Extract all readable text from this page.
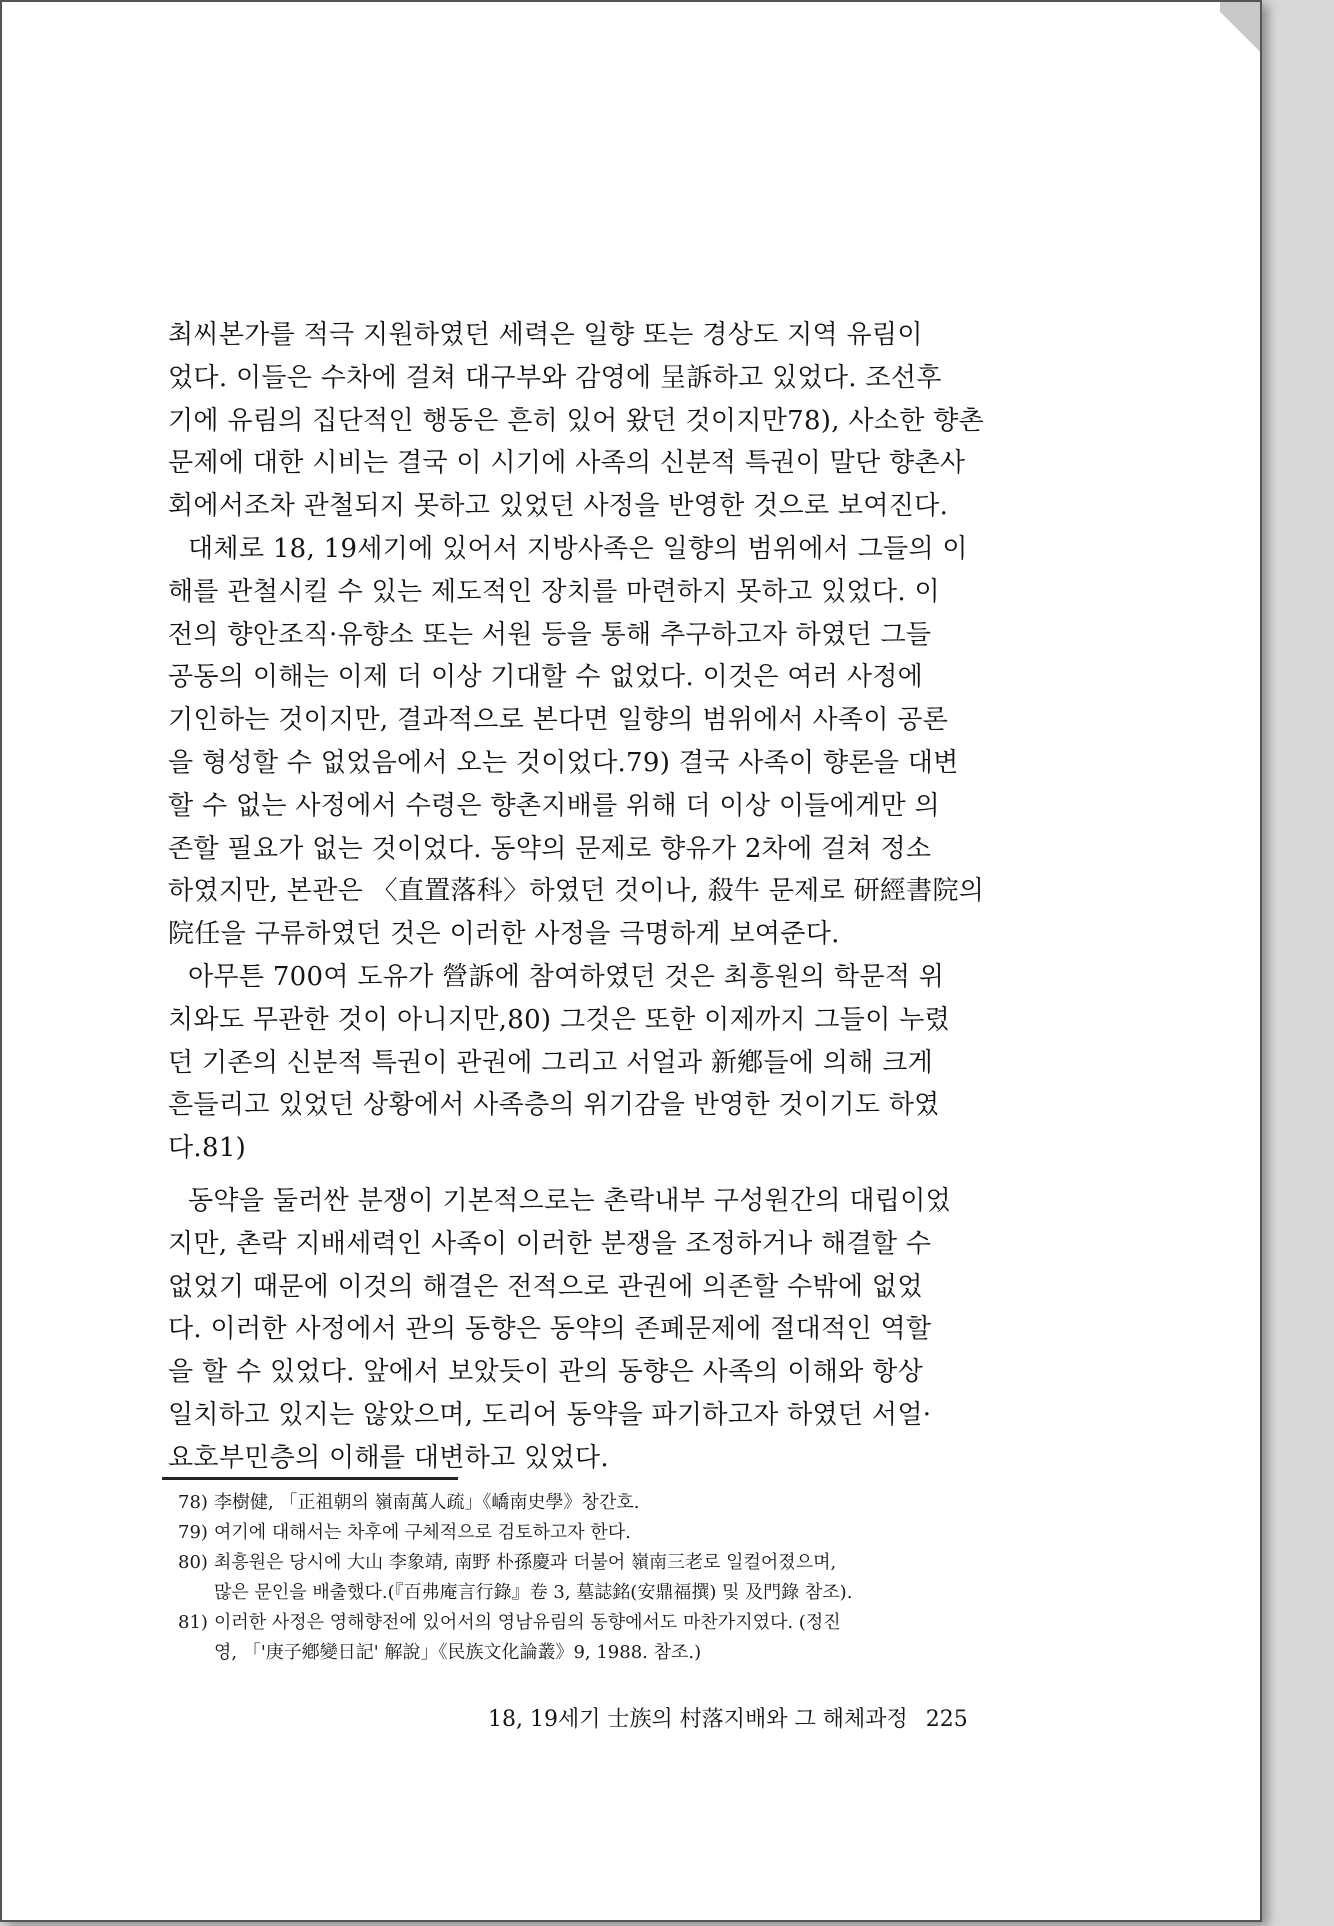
최씨본가를 적극 지원하였던 세력은 일향 또는 경상도 지역 유림이
었다. 이들은 수차에 걸쳐 대구부와 감영에 呈訴하고 있었다. 조선후
기에 유림의 집단적인 행동은 흔히 있어 왔던 것이지만78), 사소한 향촌
문제에 대한 시비는 결국 이 시기에 사족의 신분적 특권이 말단 향촌사
회에서조차 관철되지 못하고 있었던 사정을 반영한 것으로 보여진다.
대체로 18, 19세기에 있어서 지방사족은 일향의 범위에서 그들의 이
해를 관철시킬 수 있는 제도적인 장치를 마련하지 못하고 있었다. 이
전의 향안조직·유향소 또는 서원 등을 통해 추구하고자 하였던 그들
공동의 이해는 이제 더 이상 기대할 수 없었다. 이것은 여러 사정에
기인하는 것이지만, 결과적으로 본다면 일향의 범위에서 사족이 공론
을 형성할 수 없었음에서 오는 것이었다.79) 결국 사족이 향론을 대변
할 수 없는 사정에서 수령은 향촌지배를 위해 더 이상 이들에게만 의
존할 필요가 없는 것이었다. 동약의 문제로 향유가 2차에 걸쳐 정소
하였지만, 본관은 〈直置落科〉하였던 것이나, 殺牛 문제로 研經書院의
院任을 구류하였던 것은 이러한 사정을 극명하게 보여준다.
아무튼 700여 도유가 營訴에 참여하였던 것은 최흥원의 학문적 위
치와도 무관한 것이 아니지만,80) 그것은 또한 이제까지 그들이 누렸
던 기존의 신분적 특권이 관권에 그리고 서얼과 新鄕들에 의해 크게
흔들리고 있었던 상황에서 사족층의 위기감을 반영한 것이기도 하였
다.81)
동약을 둘러싼 분쟁이 기본적으로는 촌락내부 구성원간의 대립이었
지만, 촌락 지배세력인 사족이 이러한 분쟁을 조정하거나 해결할 수
없었기 때문에 이것의 해결은 전적으로 관권에 의존할 수밖에 없었
다. 이러한 사정에서 관의 동향은 동약의 존폐문제에 절대적인 역할
을 할 수 있었다. 앞에서 보았듯이 관의 동향은 사족의 이해와 항상
일치하고 있지는 않았으며, 도리어 동약을 파기하고자 하였던 서얼·
요호부민층의 이해를 대변하고 있었다.
78) 李樹健, 「正祖朝의 嶺南萬人疏」《嶠南史學》창간호.
79) 여기에 대해서는 차후에 구체적으로 검토하고자 한다.
80) 최흥원은 당시에 大山 李象靖, 南野 朴孫慶과 더불어 嶺南三老로 일컬어졌으며,
많은 문인을 배출했다.(『百弗庵言行錄』卷 3, 墓誌銘(安鼎福撰) 및 及門錄 참조).
81) 이러한 사정은 영해향전에 있어서의 영남유림의 동향에서도 마찬가지였다. (정진
영, 「'庚子鄕變日記' 解說」《民族文化論叢》9, 1988. 참조.)
18, 19세기 士族의 村落지배와 그 해체과정 225
